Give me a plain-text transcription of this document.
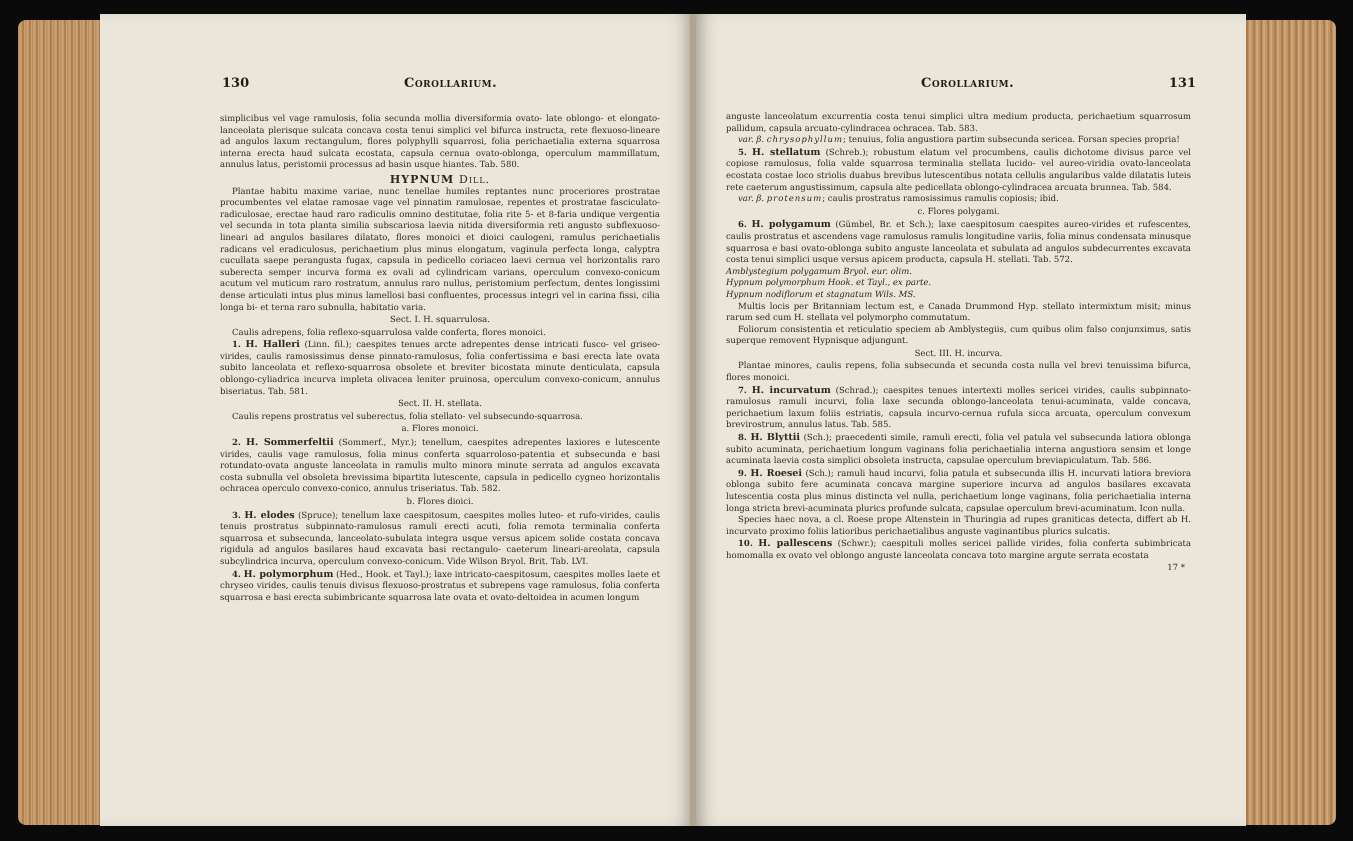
130	Corollarium.

simplicibus vel vage ramulosis, folia secunda mollia diversiformia ovato- late oblongo- et elongato-lanceolata plerisque sulcata concava costa tenui simplici vel bifurca instructa, rete flexuoso-lineare ad angulos laxum rectangulum, flores polyphylli squarrosi, folia perichaetialia externa squarrosa interna erecta haud sulcata ecostata, capsula cernua ovato-oblonga, operculum mammillatum, annulus latus, peristomii processus ad basin usque hiantes. Tab. 580.

HYPNUM Dill.

Plantae habitu maxime variae, nunc tenellae humiles reptantes nunc proceriores prostratae procumbentes vel elatae ramosae vage vel pinnatim ramulosae, repentes et prostratae fasciculato-radiculosae, erectae haud raro radiculis omnino destitutae, folia rite 5- et 8-faria undique vergentia vel secunda in tota planta similia subscariosa laevia nitida diversiformia reti angusto subflexuoso-lineari ad angulos basilares dilatato, flores monoici et dioici caulogeni, ramulus perichaetialis radicans vel eradiculosus, perichaetium plus minus elongatum, vaginula perfecta longa, calyptra cucullata saepe perangusta fugax, capsula in pedicello coriaceo laevi cernua vel horizontalis raro suberecta semper incurva forma ex ovali ad cylindricam varians, operculum convexo-conicum acutum vel muticum raro rostratum, annulus raro nullus, peristomium perfectum, dentes longissimi dense articulati intus plus minus lamellosi basi confluentes, processus integri vel in carina fissi, cilia longa bi- et terna raro subnulla, habitatio varia.

Sect. I. H. squarrulosa.

Caulis adrepens, folia reflexo-squarrulosa valde conferta, flores monoici.

1. H. Halleri (Linn. fil.); caespites tenues arcte adrepentes dense intricati fusco- vel griseo-virides, caulis ramosissimus dense pinnato-ramulosus, folia confertissima e basi erecta late ovata subito lanceolata et reflexo-squarrosa obsolete et breviter bicostata minute denticulata, capsula oblongo-cyliadrica incurva impleta olivacea leniter pruinosa, operculum convexo-conicum, annulus biseriatus. Tab. 581.

Sect. II. H. stellata.

Caulis repens prostratus vel suberectus, folia stellato- vel subsecundo-squarrosa.

a. Flores monoici.

2. H. Sommerfeltii (Sommerf., Myr.); tenellum, caespites adrepentes laxiores e lutescente virides, caulis vage ramulosus, folia minus conferta squarroloso-patentia et subsecunda e basi rotundato-ovata anguste lanceolata in ramulis multo minora minute serrata ad angulos excavata costa subnulla vel obsoleta brevissima bipartita lutescente, capsula in pedicello cygneo horizontalis ochracea operculo convexo-conico, annulus triseriatus. Tab. 582.

b. Flores dioici.

3. H. elodes (Spruce); tenellum laxe caespitosum, caespites molles luteo- et rufo-virides, caulis tenuis prostratus subpinnato-ramulosus ramuli erecti acuti, folia remota terminalia conferta squarrosa et subsecunda, lanceolato-subulata integra usque versus apicem solide costata concava rigidula ad angulos basilares haud excavata basi rectangulo- caeterum lineari-areolata, capsula subcylindrica incurva, operculum convexo-conicum. Vide Wilson Bryol. Brit. Tab. LVI.

4. H. polymorphum (Hed., Hook. et Tayl.); laxe intricato-caespitosum, caespites molles laete et chryseo virides, caulis tenuis divisus flexuoso-prostratus et subrepens vage ramulosus, folia conferta squarrosa e basi erecta subimbricante squarrosa late ovata et ovato-deltoidea in acumen longum

Corollarium.	131

anguste lanceolatum excurrentia costa tenui simplici ultra medium producta, perichaetium squarrosum pallidum, capsula arcuato-cylindracea ochracea. Tab. 583.

var. β. chrysophyllum; tenuius, folia angustiora partim subsecunda sericea. Forsan species propria!

5. H. stellatum (Schreb.); robustum elatum vel procumbens, caulis dichotome divisus parce vel copiose ramulosus, folia valde squarrosa terminalia stellata lucido- vel aureo-viridia ovato-lanceolata ecostata costae loco striolis duabus brevibus lutescentibus notata cellulis angularibus valde dilatatis luteis rete caeterum angustissimum, capsula alte pedicellata oblongo-cylindracea arcuata brunnea. Tab. 584.

var. β. protensum; caulis prostratus ramosissimus ramulis copiosis; ibid.

c. Flores polygami.

6. H. polygamum (Gümbel, Br. et Sch.); laxe caespitosum caespites aureo-virides et rufescentes, caulis prostratus et ascendens vage ramulosus ramulis longitudine variis, folia minus condensata minusque squarrosa e basi ovato-oblonga subito anguste lanceolata et subulata ad angulos subdecurrentes excavata costa tenui simplici usque versus apicem producta, capsula H. stellati. Tab. 572.

Amblystegium polygamum Bryol. eur. olim.

Hypnum polymorphum Hook. et Tayl., ex parte.

Hypnum nodiflorum et stagnatum Wils. MS.

Multis locis per Britanniam lectum est, e Canada Drummond Hyp. stellato intermixtum misit; minus rarum sed cum H. stellata vel polymorpho commutatum.

Foliorum consistentia et reticulatio speciem ab Amblystegiis, cum quibus olim falso conjunximus, satis superque removent Hypnisque adjungunt.

Sect. III. H. incurva.

Plantae minores, caulis repens, folia subsecunda et secunda costa nulla vel brevi tenuissima bifurca, flores monoici.

7. H. incurvatum (Schrad.); caespites tenues intertexti molles sericei virides, caulis subpinnato-ramulosus ramuli incurvi, folia laxe secunda oblongo-lanceolata tenui-acuminata, valde concava, perichaetium laxum foliis estriatis, capsula incurvo-cernua rufula sicca arcuata, operculum convexum brevirostrum, annulus latus. Tab. 585.

8. H. Blyttii (Sch.); praecedenti simile, ramuli erecti, folia vel patula vel subsecunda latiora oblonga subito acuminata, perichaetium longum vaginans folia perichaetialia interna angustiora sensim et longe acuminata laevia costa simplici obsoleta instructa, capsulae operculum breviapiculatum. Tab. 586.

9. H. Roesei (Sch.); ramuli haud incurvi, folia patula et subsecunda illis H. incurvati latiora breviora oblonga subito fere acuminata concava margine superiore incurva ad angulos basilares excavata lutescentia costa plus minus distincta vel nulla, perichaetium longe vaginans, folia perichaetialia interna longa stricta brevi-acuminata plurics profunde sulcata, capsulae operculum brevi-acuminatum. Icon nulla.

Species haec nova, a cl. Roese prope Altenstein in Thuringia ad rupes graniticas detecta, differt ab H. incurvato proximo foliis latioribus perichaetialibus anguste vaginantibus plurics sulcatis.

10. H. pallescens (Schwr.); caespituli molles sericei pallide virides, folia conferta subimbricata homomalla ex ovato vel oblongo anguste lanceolata concava toto margine argute serrata ecostata

17 *
